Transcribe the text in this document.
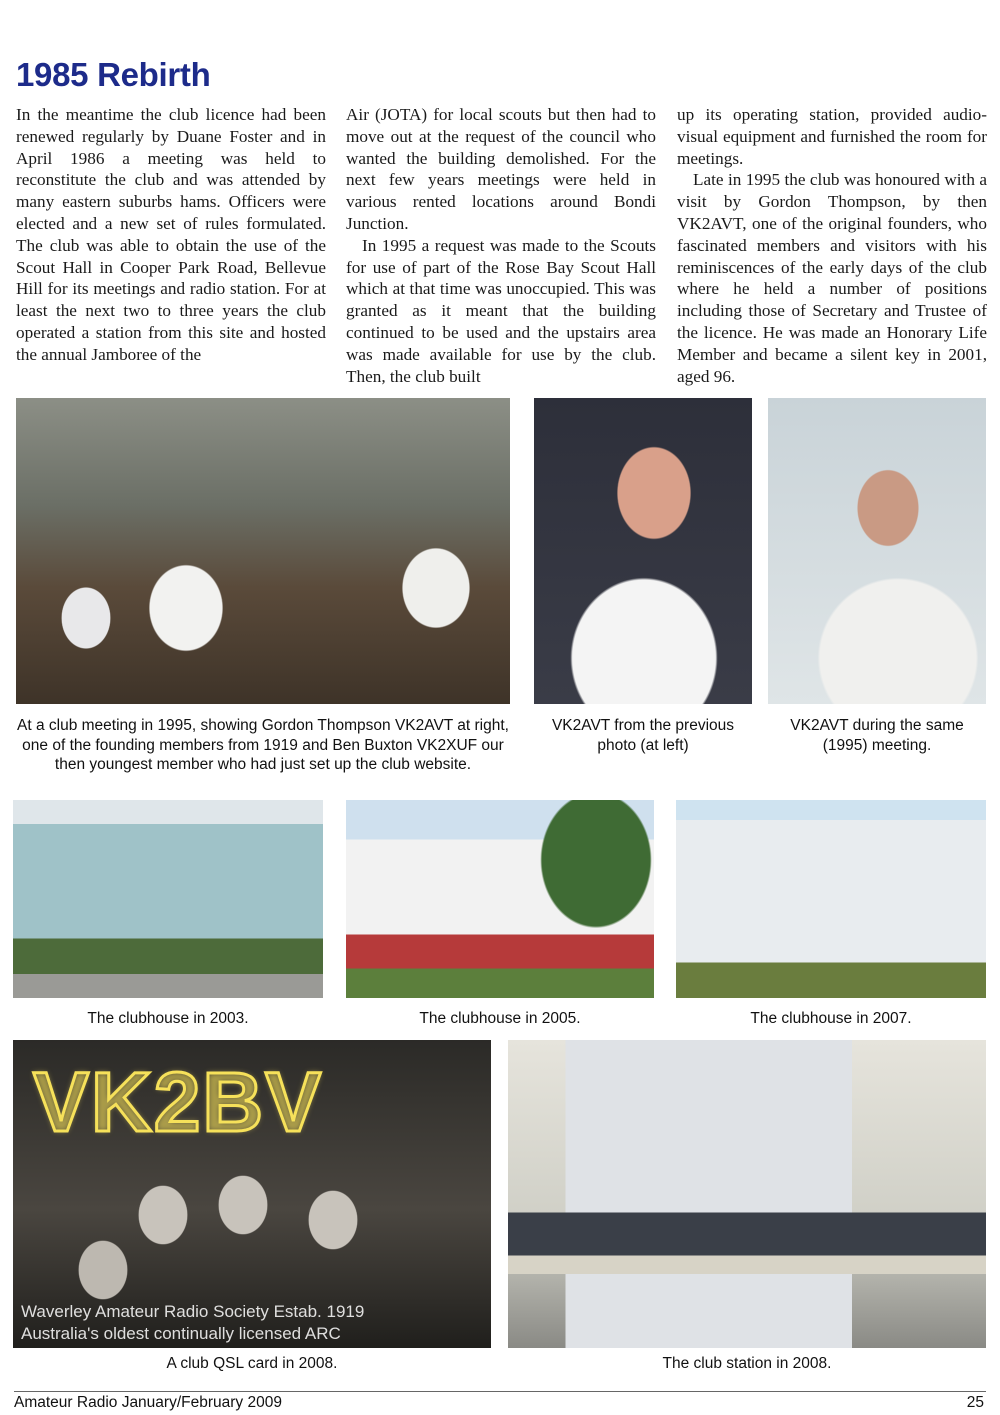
1985 Rebirth

In the meantime the club licence had been renewed regularly by Duane Foster and in April 1986 a meeting was held to reconstitute the club and was attended by many eastern suburbs hams. Officers were elected and a new set of rules formulated. The club was able to obtain the use of the Scout Hall in Cooper Park Road, Bellevue Hill for its meetings and radio station. For at least the next two to three years the club operated a station from this site and hosted the annual Jamboree of the

Air (JOTA) for local scouts but then had to move out at the request of the council who wanted the building demolished. For the next few years meetings were held in various rented locations around Bondi Junction.

In 1995 a request was made to the Scouts for use of part of the Rose Bay Scout Hall which at that time was unoccupied. This was granted as it meant that the building continued to be used and the upstairs area was made available for use by the club. Then, the club built

up its operating station, provided audio-visual equipment and furnished the room for meetings.

Late in 1995 the club was honoured with a visit by Gordon Thompson, by then VK2AVT, one of the original founders, who fascinated members and visitors with his reminiscences of the early days of the club where he held a number of positions including those of Secretary and Trustee of the licence. He was made an Honorary Life Member and became a silent key in 2001, aged 96.

At a club meeting in 1995, showing Gordon Thompson VK2AVT at right, one of the founding members from 1919 and Ben Buxton VK2XUF our then youngest member who had just set up the club website.
VK2AVT from the previous photo (at left)
VK2AVT during the same (1995) meeting.
The clubhouse in 2003.	The clubhouse in 2005.	The clubhouse in 2007.
VK2BV
Waverley Amateur Radio Society Estab. 1919
Australia's oldest continually licensed ARC
A club QSL card in 2008.	The club station in 2008.
Amateur Radio January/February 2009	25
